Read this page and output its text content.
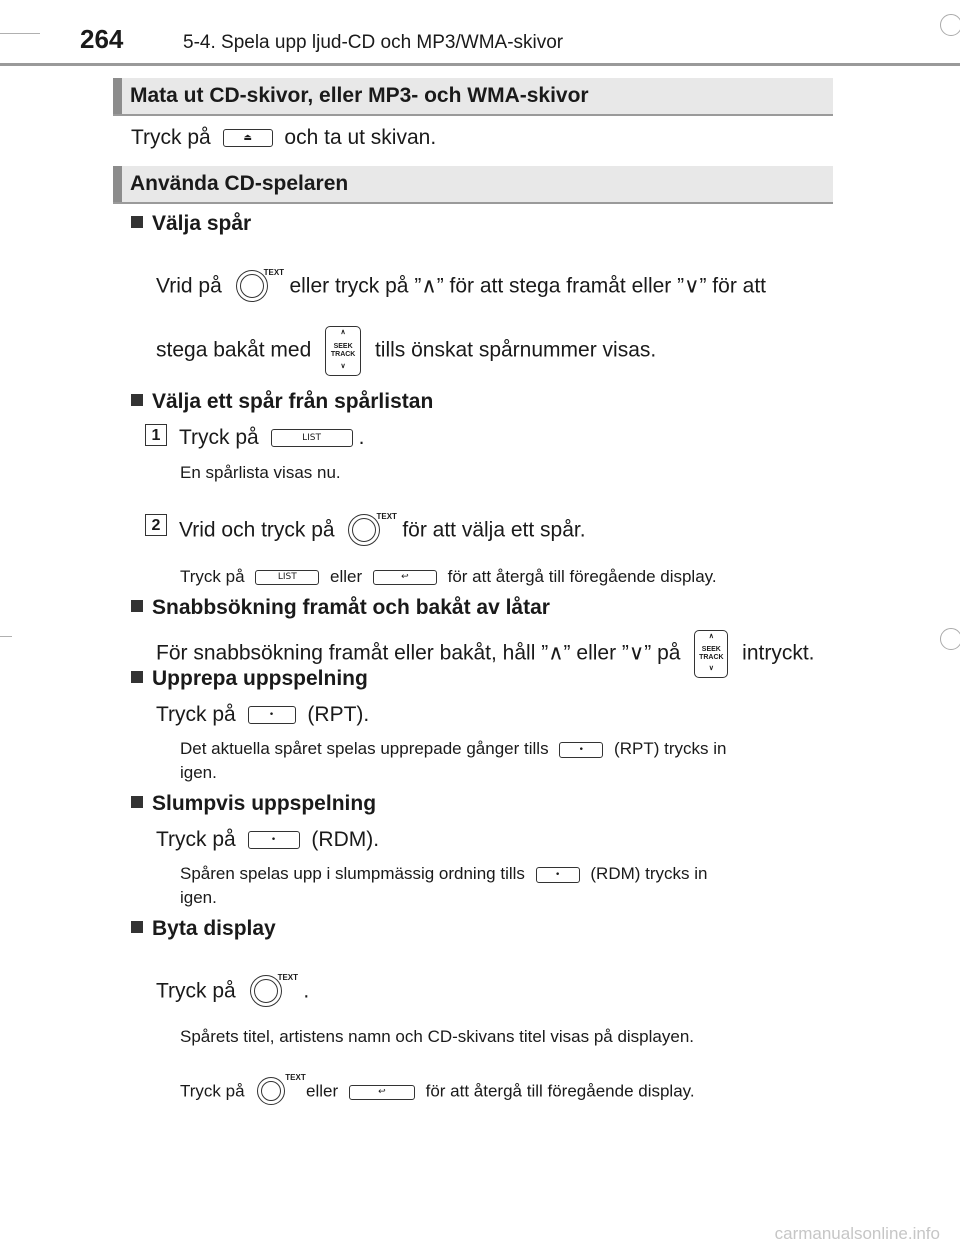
264	5-4. Spela upp ljud-CD och MP3/WMA-skivor
Mata ut CD-skivor, eller MP3- och WMA-skivor
Tryck på	⏏	och ta ut skivan.
Använda CD-spelaren
Välja spår
Vrid på
TEXT
eller tryck på ”∧” för att stega framåt eller ”∨” för att
stega bakåt med
∧
SEEK
TRACK
∨
tills önskat spårnummer visas.
Välja ett spår från spårlistan
1 Tryck på	LIST	.
En spårlista visas nu.
2 Vrid och tryck på
TEXT
för att välja ett spår.
Tryck på	LIST	eller	↩	för att återgå till föregående display.
Snabbsökning framåt och bakåt av låtar
För snabbsökning framåt eller bakåt, håll ”∧” eller ”∨” på
∧
SEEK
TRACK
∨
intryckt.
Upprepa uppspelning
Tryck på	•	(RPT).
Det aktuella spåret spelas upprepade gånger tills	•	(RPT) trycks in
igen.
Slumpvis uppspelning
Tryck på	•	(RDM).
Spåren spelas upp i slumpmässig ordning tills	•	(RDM) trycks in
igen.
Byta display
Tryck på
TEXT
.
Spårets titel, artistens namn och CD-skivans titel visas på displayen.
Tryck på
TEXT
eller	↩	för att återgå till föregående display.
carmanualsonline.info
